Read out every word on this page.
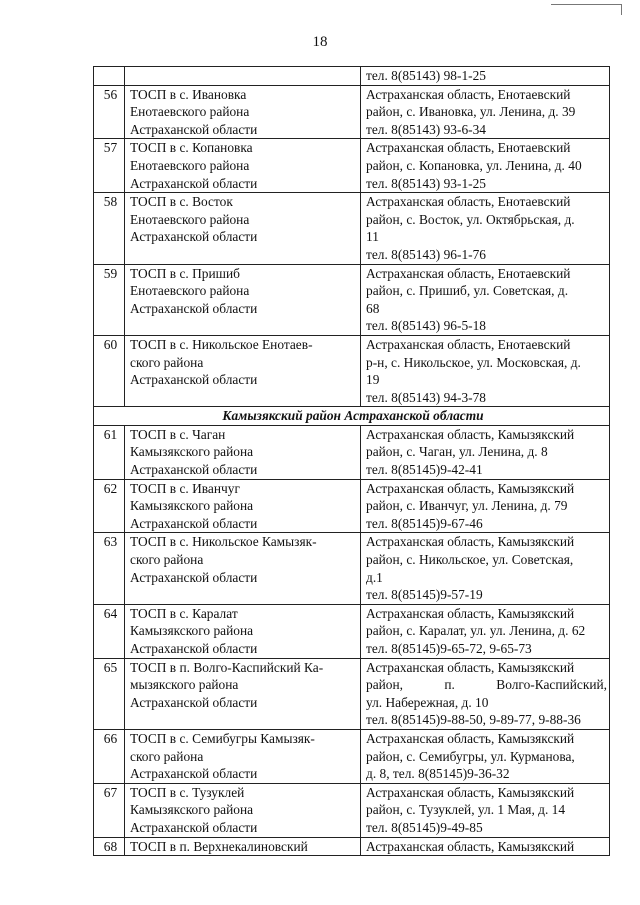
18

		тел. 8(85143) 98-1-25

56	ТОСП в с. Ивановка
Енотаевского района
Астраханской области	Астраханская область, Енотаевский
район, с. Ивановка, ул. Ленина, д. 39
тел. 8(85143) 93-6-34

57	ТОСП в с. Копановка
Енотаевского района
Астраханской области	Астраханская область, Енотаевский
район, с. Копановка, ул. Ленина, д. 40
тел. 8(85143) 93-1-25

58	ТОСП в с. Восток
Енотаевского района
Астраханской области	Астраханская область, Енотаевский
район, с. Восток, ул. Октябрьская, д.
11
тел. 8(85143) 96-1-76

59	ТОСП в с. Пришиб
Енотаевского района
Астраханской области	Астраханская область, Енотаевский
район, с. Пришиб, ул. Советская, д.
68
тел. 8(85143) 96-5-18

60	ТОСП в с. Никольское Енотаев-
ского района
Астраханской области	Астраханская область, Енотаевский
р-н, с. Никольское, ул. Московская, д.
19
тел. 8(85143) 94-3-78

Камызякский район Астраханской области		
61	ТОСП в с. Чаган
Камызякского района
Астраханской области	Астраханская область, Камызякский
район, с. Чаган, ул. Ленина, д. 8
тел. 8(85145)9-42-41

62	ТОСП в с. Иванчуг
Камызякского района
Астраханской области	Астраханская область, Камызякский
район, с. Иванчуг, ул. Ленина, д. 79
тел. 8(85145)9-67-46

63	ТОСП в с. Никольское Камызяк-
ского района
Астраханской области	Астраханская область, Камызякский
район, с. Никольское, ул. Советская,
д.1
тел. 8(85145)9-57-19

64	ТОСП в с. Каралат
Камызякского района
Астраханской области	Астраханская область, Камызякский
район, с. Каралат, ул. ул. Ленина, д. 62
тел. 8(85145)9-65-72, 9-65-73

65	ТОСП в п. Волго-Каспийский Ка-
мызякского района
Астраханской области	Астраханская область, Камызякский
район, п. Волго-Каспийский,
ул. Набережная, д. 10
тел. 8(85145)9-88-50, 9-89-77, 9-88-36

66	ТОСП в с. Семибугры Камызяк-
ского района
Астраханской области	Астраханская область, Камызякский
район, с. Семибугры, ул. Курманова,
д. 8, тел. 8(85145)9-36-32

67	ТОСП в с. Тузуклей
Камызякского района
Астраханской области	Астраханская область, Камызякский
район, с. Тузуклей, ул. 1 Мая, д. 14
тел. 8(85145)9-49-85

68	ТОСП в п. Верхнекалиновский	Астраханская область, Камызякский
